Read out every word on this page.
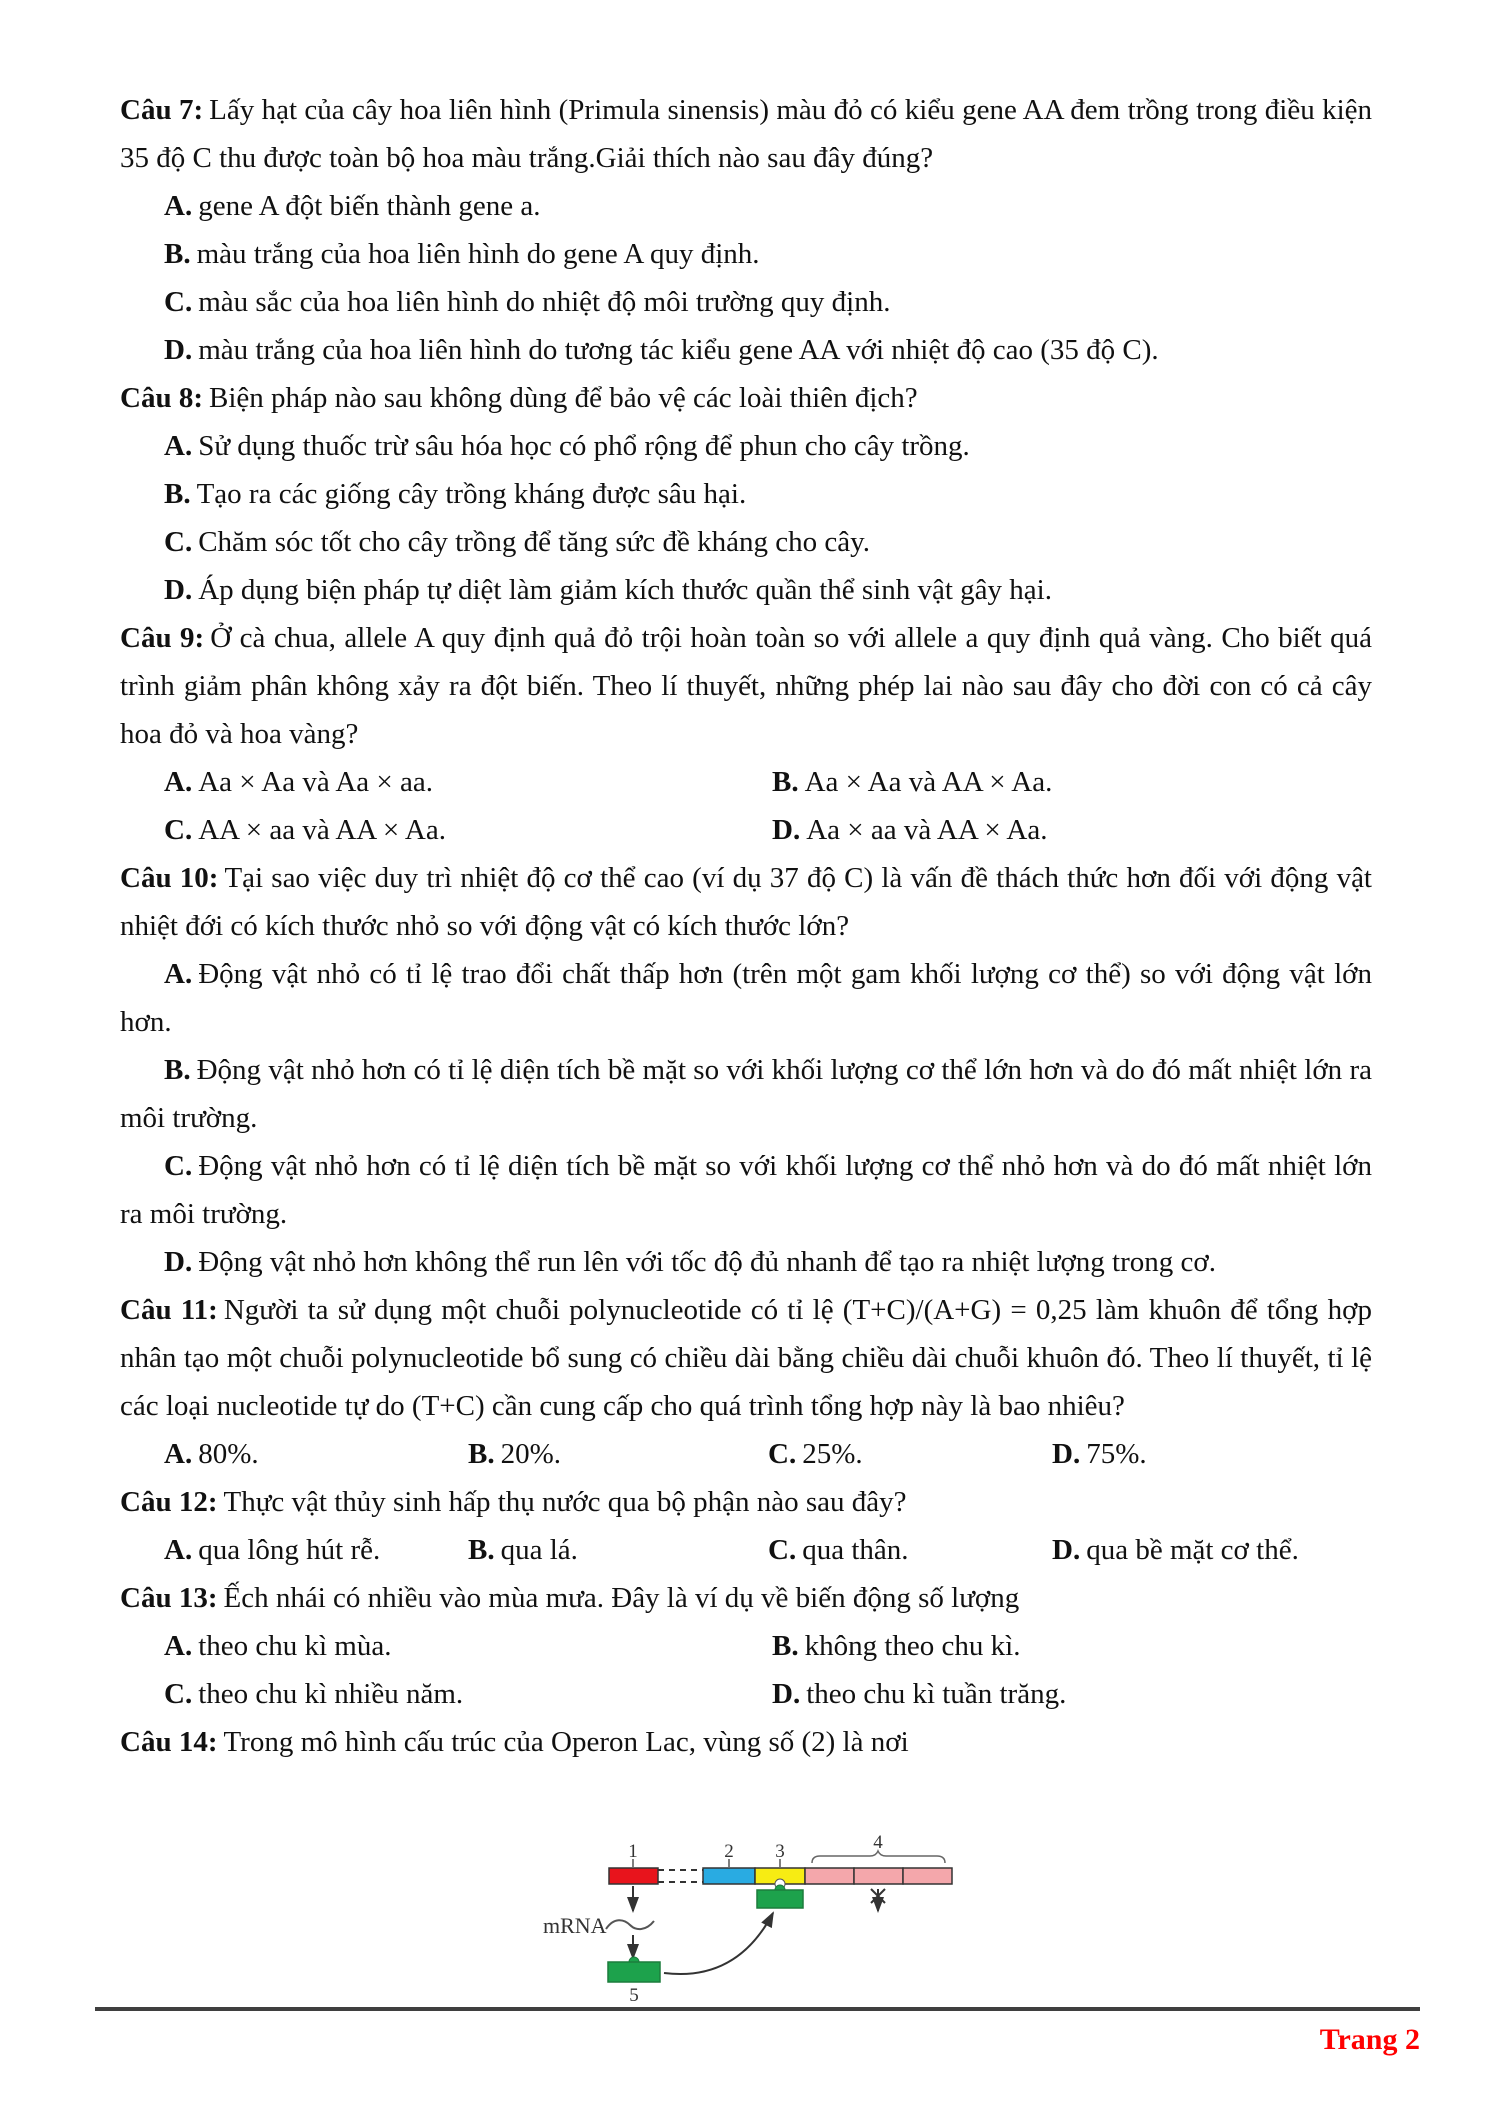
Câu 7: Lấy hạt của cây hoa liên hình (Primula sinensis) màu đỏ có kiểu gene AA đem trồng trong điều kiện 35 độ C thu được toàn bộ hoa màu trắng.Giải thích nào sau đây đúng?

A. gene A đột biến thành gene a.

B. màu trắng của hoa liên hình do gene A quy định.

C. màu sắc của hoa liên hình do nhiệt độ môi trường quy định.

D. màu trắng của hoa liên hình do tương tác kiểu gene AA với nhiệt độ cao (35 độ C).

Câu 8: Biện pháp nào sau không dùng để bảo vệ các loài thiên địch?

A. Sử dụng thuốc trừ sâu hóa học có phổ rộng để phun cho cây trồng.

B. Tạo ra các giống cây trồng kháng được sâu hại.

C. Chăm sóc tốt cho cây trồng để tăng sức đề kháng cho cây.

D. Áp dụng biện pháp tự diệt làm giảm kích thước quần thể sinh vật gây hại.

Câu 9: Ở cà chua, allele A quy định quả đỏ trội hoàn toàn so với allele a quy định quả vàng. Cho biết quá trình giảm phân không xảy ra đột biến. Theo lí thuyết, những phép lai nào sau đây cho đời con có cả cây hoa đỏ và hoa vàng?

A. Aa × Aa và Aa × aa.	B. Aa × Aa và AA × Aa.

C. AA × aa và AA × Aa.	D. Aa × aa và AA × Aa.

Câu 10: Tại sao việc duy trì nhiệt độ cơ thể cao (ví dụ 37 độ C) là vấn đề thách thức hơn đối với động vật nhiệt đới có kích thước nhỏ so với động vật có kích thước lớn?

A. Động vật nhỏ có tỉ lệ trao đổi chất thấp hơn (trên một gam khối lượng cơ thể) so với động vật lớn hơn.

B. Động vật nhỏ hơn có tỉ lệ diện tích bề mặt so với khối lượng cơ thể lớn hơn và do đó mất nhiệt lớn ra môi trường.

C. Động vật nhỏ hơn có tỉ lệ diện tích bề mặt so với khối lượng cơ thể nhỏ hơn và do đó mất nhiệt lớn ra môi trường.

D. Động vật nhỏ hơn không thể run lên với tốc độ đủ nhanh để tạo ra nhiệt lượng trong cơ.

Câu 11: Người ta sử dụng một chuỗi polynucleotide có tỉ lệ (T+C)/(A+G) = 0,25 làm khuôn để tổng hợp nhân tạo một chuỗi polynucleotide bổ sung có chiều dài bằng chiều dài chuỗi khuôn đó. Theo lí thuyết, tỉ lệ các loại nucleotide tự do (T+C) cần cung cấp cho quá trình tổng hợp này là bao nhiêu?

A. 80%.	B. 20%.	C. 25%.	D. 75%.

Câu 12: Thực vật thủy sinh hấp thụ nước qua bộ phận nào sau đây?

A. qua lông hút rễ.	B. qua lá.	C. qua thân.	D. qua bề mặt cơ thể.

Câu 13: Ếch nhái có nhiều vào mùa mưa. Đây là ví dụ về biến động số lượng

A. theo chu kì mùa.	B. không theo chu kì.

C. theo chu kì nhiều năm.	D. theo chu kì tuần trăng.

Câu 14: Trong mô hình cấu trúc của Operon Lac, vùng số (2) là nơi

1	2 3	4
mRNA
5
Trang 2
